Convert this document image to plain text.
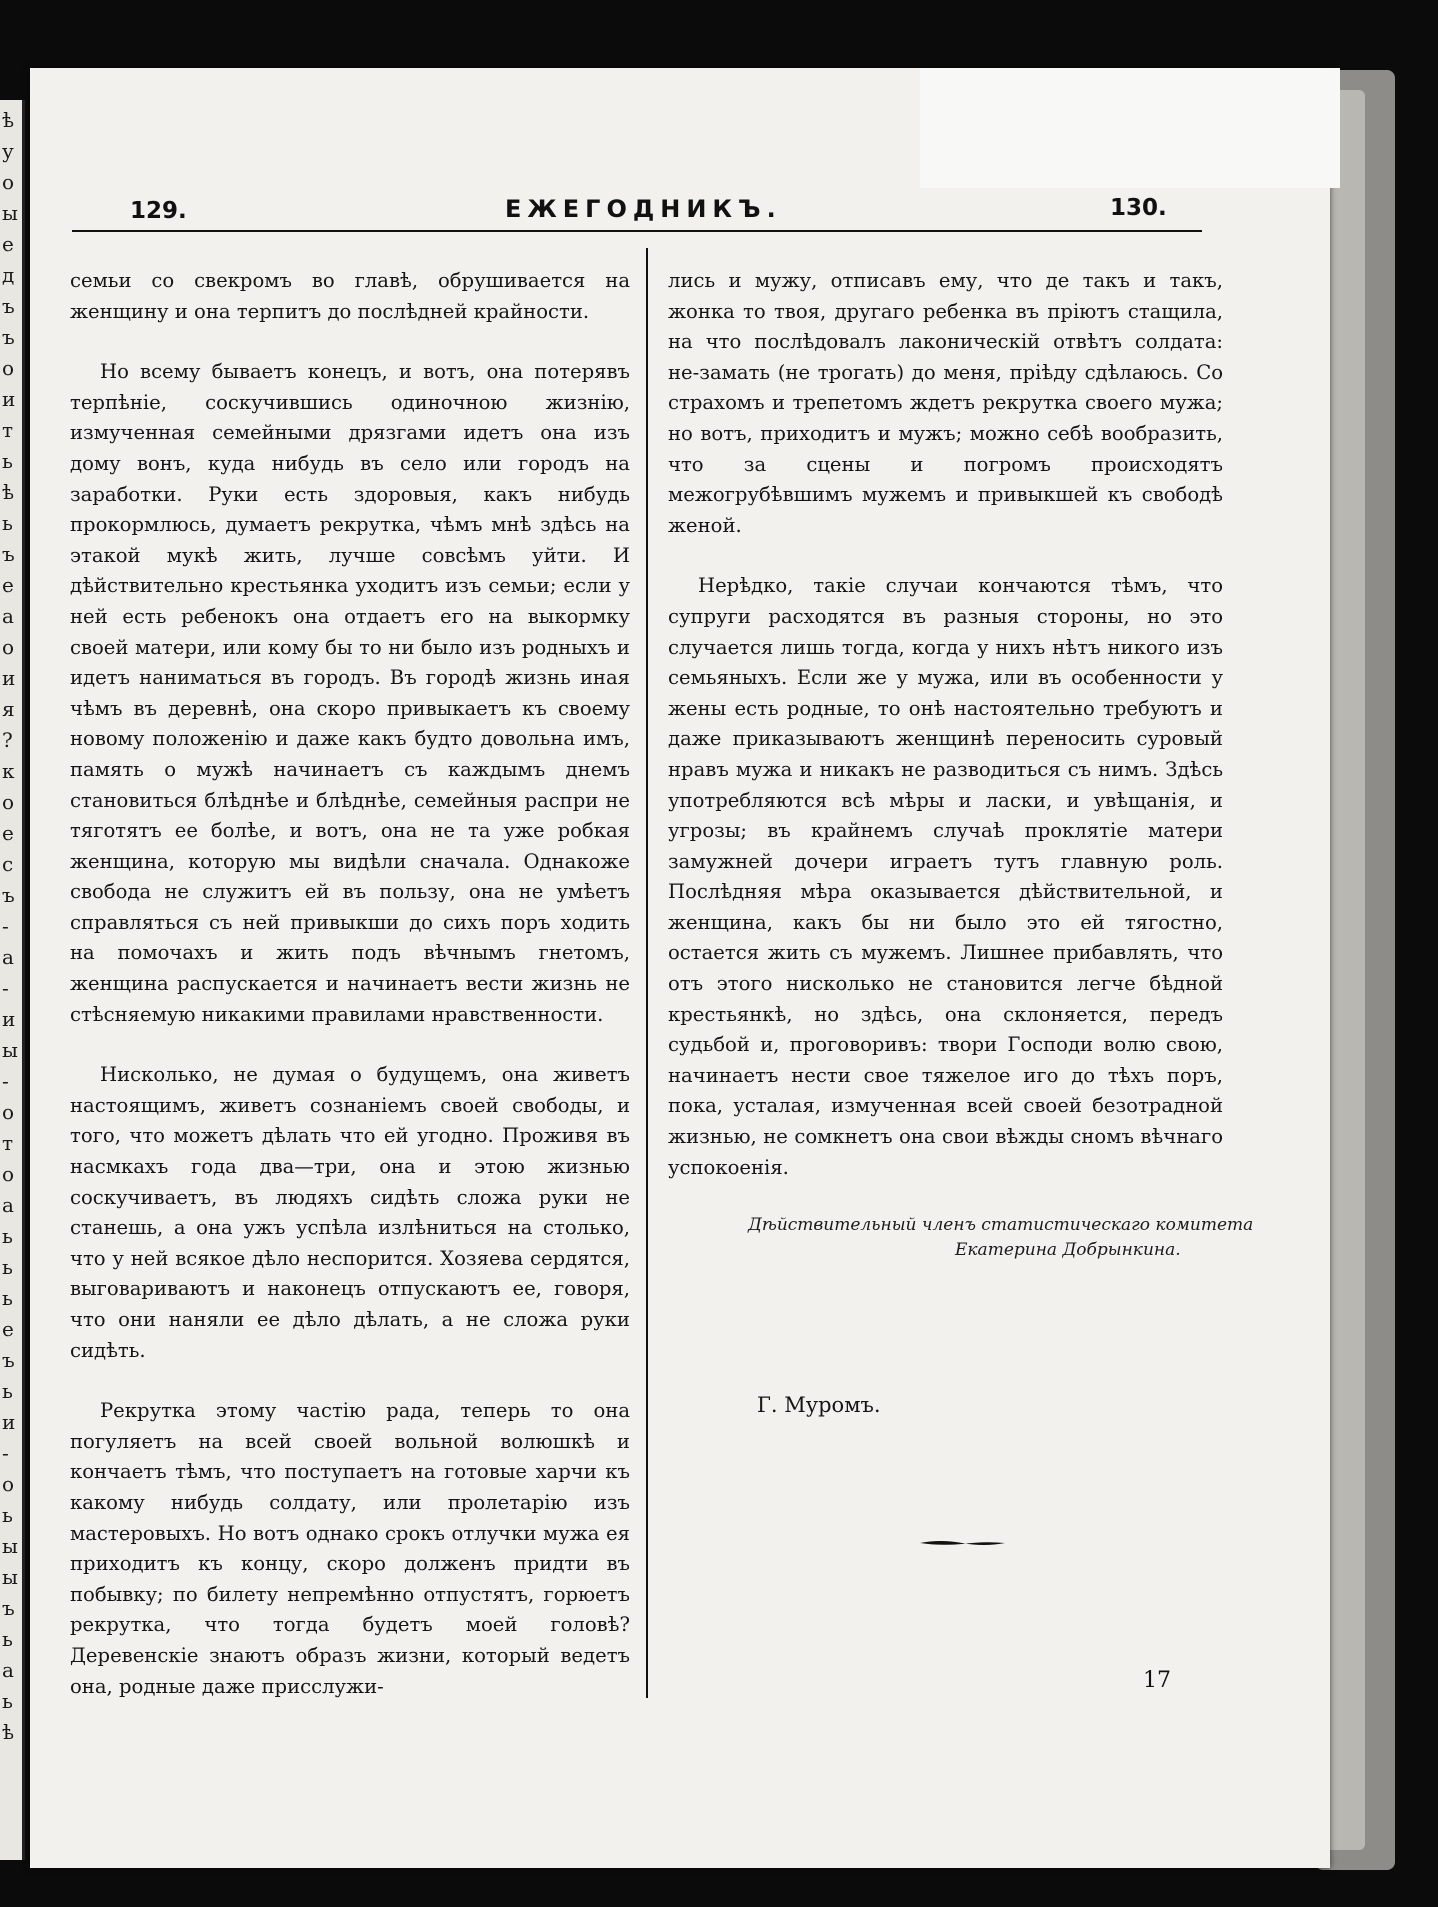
ѣ
у
о
ы
е
д
ъ
ъ
о
и
т
ь
ѣ
ь
ъ
е
а
о
и
я
?
к
о
е
с
ъ
-
а
-
и
ы
-
о
т
о
а
ь
ь
ь
е
ъ
ь
и
-
о
ь
ы
ы
ъ
ь
а
ь
ѣ
129.	ЕЖЕГОДНИКЪ.	130.

семьи со свекромъ во главѣ, обрушивается на женщину и она терпитъ до послѣдней крайности.

Но всему бываетъ конецъ, и вотъ, она потерявъ терпѣніе, соскучившись одиночною жизнію, измученная семейными дрязгами идетъ она изъ дому вонъ, куда нибудь въ село или городъ на заработки. Руки есть здоровыя, какъ нибудь прокормлюсь, думаетъ рекрутка, чѣмъ мнѣ здѣсь на этакой мукѣ жить, лучше совсѣмъ уйти. И дѣйствительно крестьянка уходитъ изъ семьи; если у ней есть ребенокъ она отдаетъ его на выкормку своей матери, или кому бы то ни было изъ родныхъ и идетъ наниматься въ городъ. Въ городѣ жизнь иная чѣмъ въ деревнѣ, она скоро привыкаетъ къ своему новому положенію и даже какъ будто довольна имъ, память о мужѣ начинаетъ съ каждымъ днемъ становиться блѣднѣе и блѣднѣе, семейныя распри не тяготятъ ее болѣе, и вотъ, она не та уже робкая женщина, которую мы видѣли сначала. Однакоже свобода не служитъ ей въ пользу, она не умѣетъ справляться съ ней привыкши до сихъ поръ ходить на помочахъ и жить подъ вѣчнымъ гнетомъ, женщина распускается и начинаетъ вести жизнь не стѣсняемую никакими правилами нравственности.

Нисколько, не думая о будущемъ, она живетъ настоящимъ, живетъ сознаніемъ своей свободы, и того, что можетъ дѣлать что ей угодно. Проживя въ насмкахъ года два—три, она и этою жизнью соскучиваетъ, въ людяхъ сидѣть сложа руки не станешь, а она ужъ успѣла излѣниться на столько, что у ней всякое дѣло неспорится. Хозяева сердятся, выговариваютъ и наконецъ отпускаютъ ее, говоря, что они наняли ее дѣло дѣлать, а не сложа руки сидѣть.

Рекрутка этому частію рада, теперь то она погуляетъ на всей своей вольной волюшкѣ и кончаетъ тѣмъ, что поступаетъ на готовые харчи къ какому нибудь солдату, или пролетарію изъ мастеровыхъ. Но вотъ однако срокъ отлучки мужа ея приходитъ къ концу, скоро долженъ придти въ побывку; по билету непремѣнно отпустятъ, горюетъ рекрутка, что тогда будетъ моей головѣ? Деревенскіе знаютъ образъ жизни, который ведетъ она, родные даже присслужи-

лись и мужу, отписавъ ему, что де такъ и такъ, жонка то твоя, другаго ребенка въ пріютъ стащила, на что послѣдовалъ лаконическій отвѣтъ солдата: не-замать (не трогать) до меня, пріѣду сдѣлаюсь. Со страхомъ и трепетомъ ждетъ рекрутка своего мужа; но вотъ, приходитъ и мужъ; можно себѣ вообразить, что за сцены и погромъ происходятъ межогрубѣвшимъ мужемъ и привыкшей къ свободѣ женой.

Нерѣдко, такіе случаи кончаются тѣмъ, что супруги расходятся въ разныя стороны, но это случается лишь тогда, когда у нихъ нѣтъ никого изъ семьяныхъ. Если же у мужа, или въ особенности у жены есть родные, то онѣ настоятельно требуютъ и даже приказываютъ женщинѣ переносить суровый нравъ мужа и никакъ не разводиться съ нимъ. Здѣсь употребляются всѣ мѣры и ласки, и увѣщанія, и угрозы; въ крайнемъ случаѣ проклятіе матери замужней дочери играетъ тутъ главную роль. Послѣдняя мѣра оказывается дѣйствительной, и женщина, какъ бы ни было это ей тягостно, остается жить съ мужемъ. Лишнее прибавлять, что отъ этого нисколько не становится легче бѣдной крестьянкѣ, но здѣсь, она склоняется, передъ судьбой и, проговоривъ: твори Господи волю свою, начинаетъ нести свое тяжелое иго до тѣхъ поръ, пока, усталая, измученная всей своей безотрадной жизнью, не сомкнетъ она свои вѣжды сномъ вѣчнаго успокоенія.

Дѣйствительный членъ статистическаго комитета
Екатерина Добрынкина.
Г. Муромъ.
17
